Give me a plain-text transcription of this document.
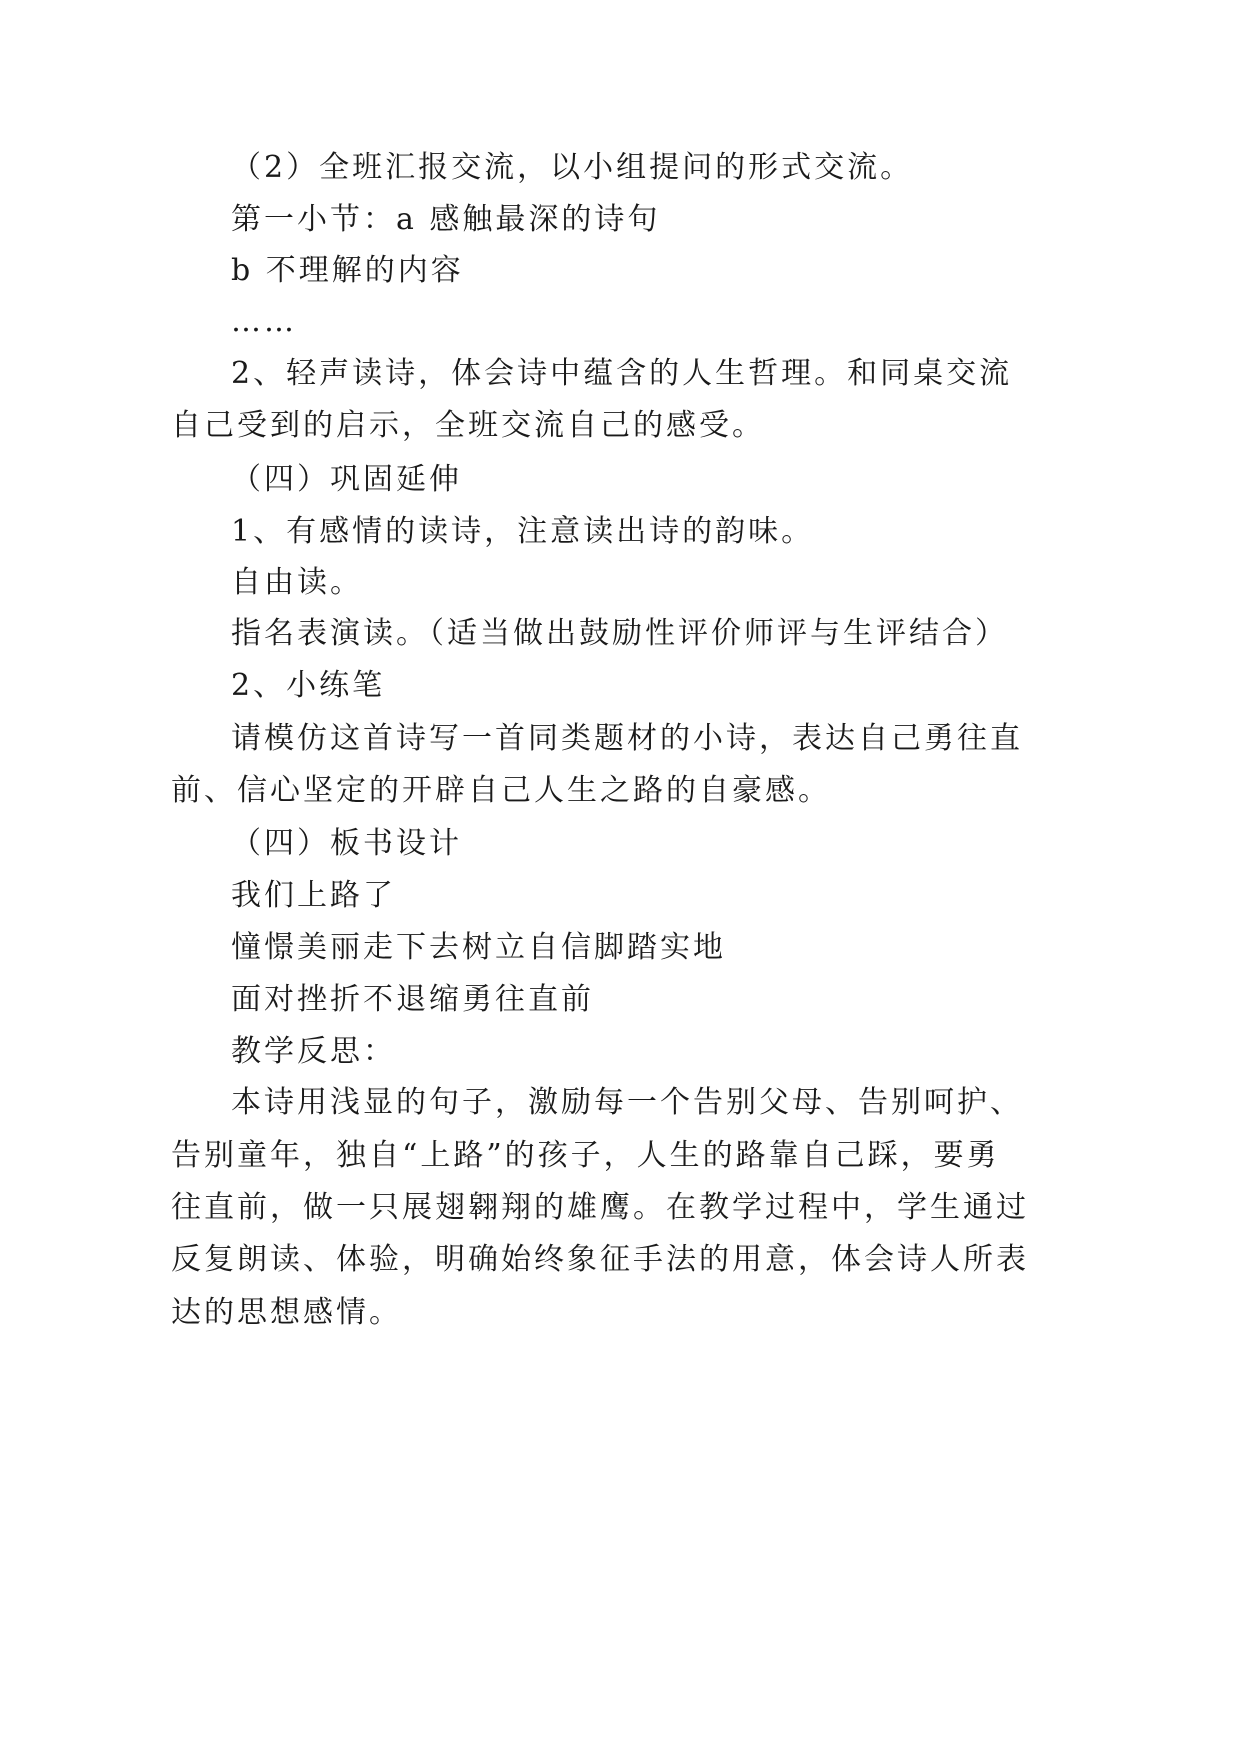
（2）全班汇报交流，以小组提问的形式交流。
第一小节：a 感触最深的诗句
b 不理解的内容
……
2、轻声读诗，体会诗中蕴含的人生哲理。和同桌交流
自己受到的启示，全班交流自己的感受。
（四）巩固延伸
1、有感情的读诗，注意读出诗的韵味。
自由读。
指名表演读。（适当做出鼓励性评价师评与生评结合）
2、小练笔
请模仿这首诗写一首同类题材的小诗，表达自己勇往直
前、信心坚定的开辟自己人生之路的自豪感。
（四）板书设计
我们上路了
憧憬美丽走下去树立自信脚踏实地
面对挫折不退缩勇往直前
教学反思：
本诗用浅显的句子，激励每一个告别父母、告别呵护、
告别童年，独自“上路”的孩子，人生的路靠自己踩，要勇
往直前，做一只展翅翱翔的雄鹰。在教学过程中，学生通过
反复朗读、体验，明确始终象征手法的用意，体会诗人所表
达的思想感情。
